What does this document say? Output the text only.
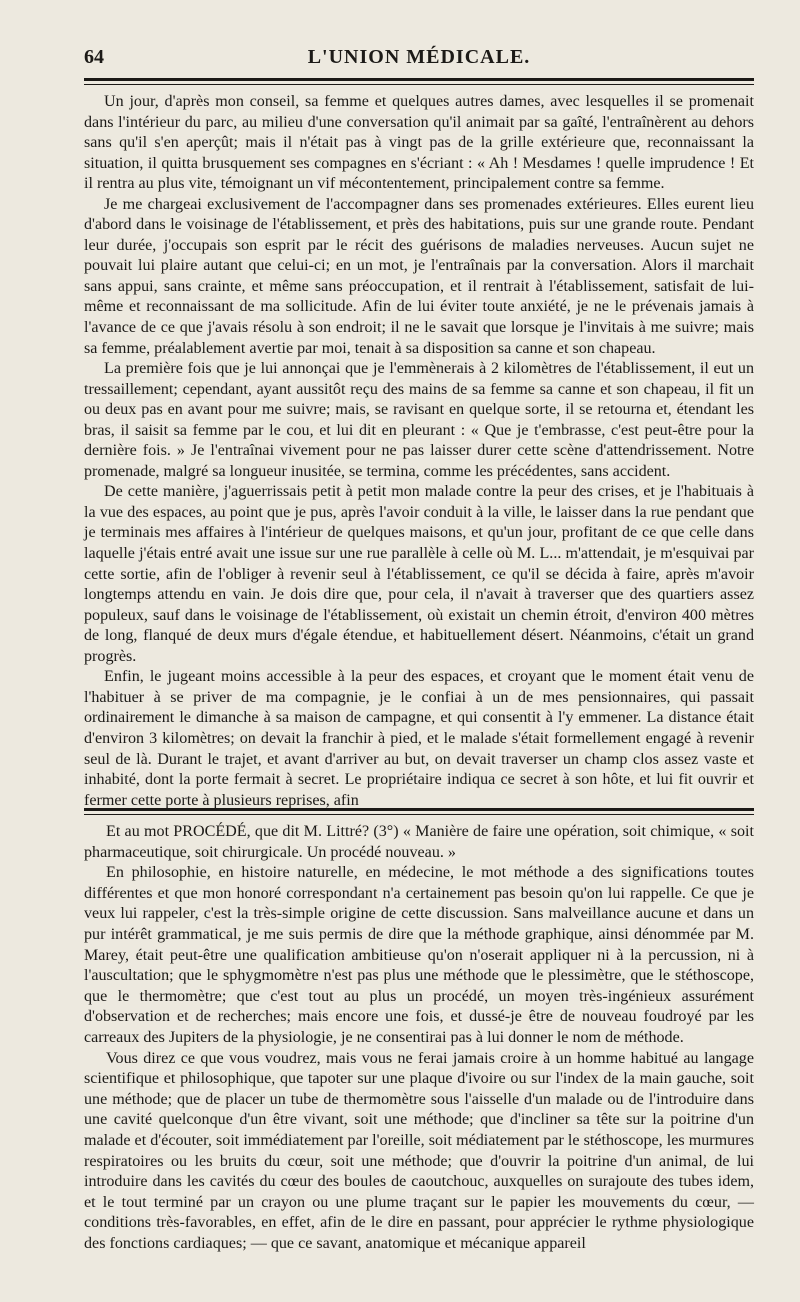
64	L'UNION MÉDICALE.

Un jour, d'après mon conseil, sa femme et quelques autres dames, avec lesquelles il se promenait dans l'intérieur du parc, au milieu d'une conversation qu'il animait par sa gaîté, l'entraînèrent au dehors sans qu'il s'en aperçût; mais il n'était pas à vingt pas de la grille extérieure que, reconnaissant la situation, il quitta brusquement ses compagnes en s'écriant : « Ah ! Mesdames ! quelle imprudence ! Et il rentra au plus vite, témoignant un vif mécontentement, principalement contre sa femme.

Je me chargeai exclusivement de l'accompagner dans ses promenades extérieures. Elles eurent lieu d'abord dans le voisinage de l'établissement, et près des habitations, puis sur une grande route. Pendant leur durée, j'occupais son esprit par le récit des guérisons de maladies nerveuses. Aucun sujet ne pouvait lui plaire autant que celui-ci; en un mot, je l'entraînais par la conversation. Alors il marchait sans appui, sans crainte, et même sans préoccupation, et il rentrait à l'établissement, satisfait de lui-même et reconnaissant de ma sollicitude. Afin de lui éviter toute anxiété, je ne le prévenais jamais à l'avance de ce que j'avais résolu à son endroit; il ne le savait que lorsque je l'invitais à me suivre; mais sa femme, préalablement avertie par moi, tenait à sa disposition sa canne et son chapeau.

La première fois que je lui annonçai que je l'emmènerais à 2 kilomètres de l'établissement, il eut un tressaillement; cependant, ayant aussitôt reçu des mains de sa femme sa canne et son chapeau, il fit un ou deux pas en avant pour me suivre; mais, se ravisant en quelque sorte, il se retourna et, étendant les bras, il saisit sa femme par le cou, et lui dit en pleurant : « Que je t'embrasse, c'est peut-être pour la dernière fois. » Je l'entraînai vivement pour ne pas laisser durer cette scène d'attendrissement. Notre promenade, malgré sa longueur inusitée, se termina, comme les précédentes, sans accident.

De cette manière, j'aguerrissais petit à petit mon malade contre la peur des crises, et je l'habituais à la vue des espaces, au point que je pus, après l'avoir conduit à la ville, le laisser dans la rue pendant que je terminais mes affaires à l'intérieur de quelques maisons, et qu'un jour, profitant de ce que celle dans laquelle j'étais entré avait une issue sur une rue parallèle à celle où M. L... m'attendait, je m'esquivai par cette sortie, afin de l'obliger à revenir seul à l'établissement, ce qu'il se décida à faire, après m'avoir longtemps attendu en vain. Je dois dire que, pour cela, il n'avait à traverser que des quartiers assez populeux, sauf dans le voisinage de l'établissement, où existait un chemin étroit, d'environ 400 mètres de long, flanqué de deux murs d'égale étendue, et habituellement désert. Néanmoins, c'était un grand progrès.

Enfin, le jugeant moins accessible à la peur des espaces, et croyant que le moment était venu de l'habituer à se priver de ma compagnie, je le confiai à un de mes pensionnaires, qui passait ordinairement le dimanche à sa maison de campagne, et qui consentit à l'y emmener. La distance était d'environ 3 kilomètres; on devait la franchir à pied, et le malade s'était formellement engagé à revenir seul de là. Durant le trajet, et avant d'arriver au but, on devait traverser un champ clos assez vaste et inhabité, dont la porte fermait à secret. Le propriétaire indiqua ce secret à son hôte, et lui fit ouvrir et fermer cette porte à plusieurs reprises, afin

Et au mot PROCÉDÉ, que dit M. Littré? (3°) « Manière de faire une opération, soit chimique, « soit pharmaceutique, soit chirurgicale. Un procédé nouveau. »

En philosophie, en histoire naturelle, en médecine, le mot méthode a des significations toutes différentes et que mon honoré correspondant n'a certainement pas besoin qu'on lui rappelle. Ce que je veux lui rappeler, c'est la très-simple origine de cette discussion. Sans malveillance aucune et dans un pur intérêt grammatical, je me suis permis de dire que la méthode graphique, ainsi dénommée par M. Marey, était peut-être une qualification ambitieuse qu'on n'oserait appliquer ni à la percussion, ni à l'auscultation; que le sphygmomètre n'est pas plus une méthode que le plessimètre, que le stéthoscope, que le thermomètre; que c'est tout au plus un procédé, un moyen très-ingénieux assurément d'observation et de recherches; mais encore une fois, et dussé-je être de nouveau foudroyé par les carreaux des Jupiters de la physiologie, je ne consentirai pas à lui donner le nom de méthode.

Vous direz ce que vous voudrez, mais vous ne ferai jamais croire à un homme habitué au langage scientifique et philosophique, que tapoter sur une plaque d'ivoire ou sur l'index de la main gauche, soit une méthode; que de placer un tube de thermomètre sous l'aisselle d'un malade ou de l'introduire dans une cavité quelconque d'un être vivant, soit une méthode; que d'incliner sa tête sur la poitrine d'un malade et d'écouter, soit immédiatement par l'oreille, soit médiatement par le stéthoscope, les murmures respiratoires ou les bruits du cœur, soit une méthode; que d'ouvrir la poitrine d'un animal, de lui introduire dans les cavités du cœur des boules de caoutchouc, auxquelles on surajoute des tubes idem, et le tout terminé par un crayon ou une plume traçant sur le papier les mouvements du cœur, — conditions très-favorables, en effet, afin de le dire en passant, pour apprécier le rythme physiologique des fonctions cardiaques; — que ce savant, anatomique et mécanique appareil
